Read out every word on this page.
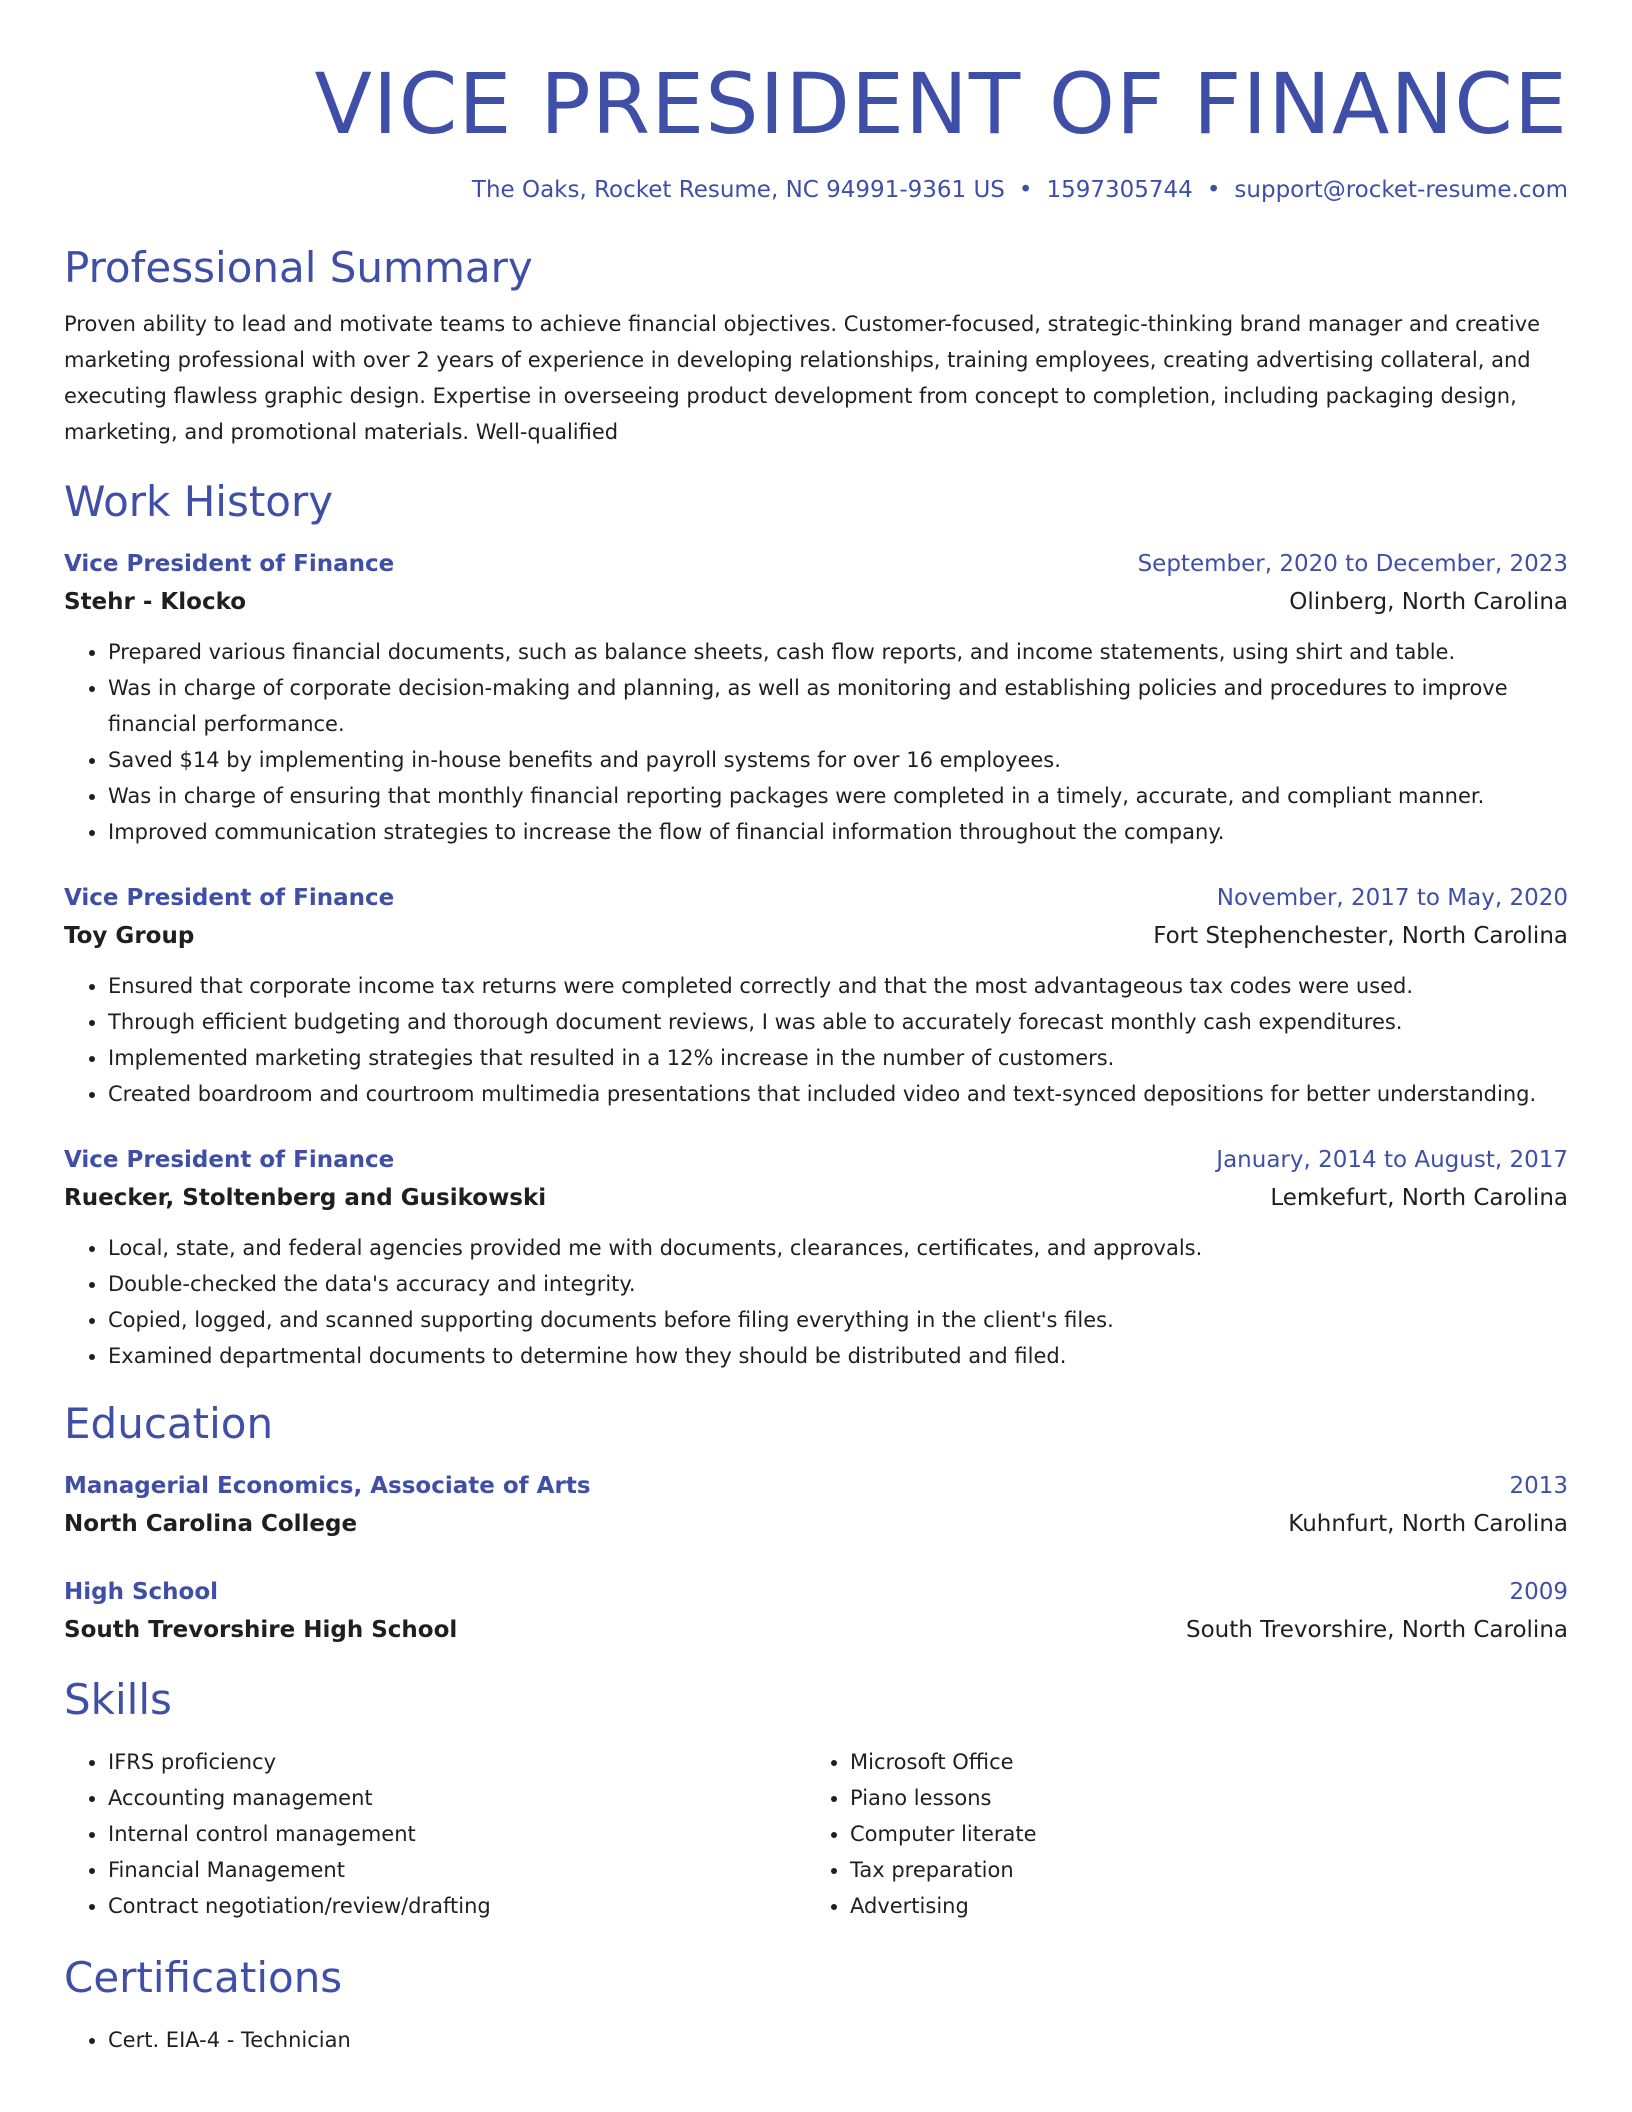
VICE PRESIDENT OF FINANCE
The Oaks, Rocket Resume, NC 94991-9361 US • 1597305744 • support@rocket-resume.com
Professional Summary
Proven ability to lead and motivate teams to achieve financial objectives. Customer-focused, strategic-thinking brand manager and creative marketing professional with over 2 years of experience in developing relationships, training employees, creating advertising collateral, and executing flawless graphic design. Expertise in overseeing product development from concept to completion, including packaging design, marketing, and promotional materials. Well-qualified
Work History
Vice President of Finance	September, 2020 to December, 2023
Stehr - Klocko	Olinberg, North Carolina
• Prepared various financial documents, such as balance sheets, cash flow reports, and income statements, using shirt and table.
• Was in charge of corporate decision-making and planning, as well as monitoring and establishing policies and procedures to improve financial performance.
• Saved $14 by implementing in-house benefits and payroll systems for over 16 employees.
• Was in charge of ensuring that monthly financial reporting packages were completed in a timely, accurate, and compliant manner.
• Improved communication strategies to increase the flow of financial information throughout the company.
Vice President of Finance	November, 2017 to May, 2020
Toy Group	Fort Stephenchester, North Carolina
• Ensured that corporate income tax returns were completed correctly and that the most advantageous tax codes were used.
• Through efficient budgeting and thorough document reviews, I was able to accurately forecast monthly cash expenditures.
• Implemented marketing strategies that resulted in a 12% increase in the number of customers.
• Created boardroom and courtroom multimedia presentations that included video and text-synced depositions for better understanding.
Vice President of Finance	January, 2014 to August, 2017
Ruecker, Stoltenberg and Gusikowski	Lemkefurt, North Carolina
• Local, state, and federal agencies provided me with documents, clearances, certificates, and approvals.
• Double-checked the data's accuracy and integrity.
• Copied, logged, and scanned supporting documents before filing everything in the client's files.
• Examined departmental documents to determine how they should be distributed and filed.
Education
Managerial Economics, Associate of Arts	2013
North Carolina College	Kuhnfurt, North Carolina
High School	2009
South Trevorshire High School	South Trevorshire, North Carolina
Skills
• IFRS proficiency
• Accounting management
• Internal control management
• Financial Management
• Contract negotiation/review/drafting
• Microsoft Office
• Piano lessons
• Computer literate
• Tax preparation
• Advertising
Certifications
• Cert. EIA-4 - Technician
